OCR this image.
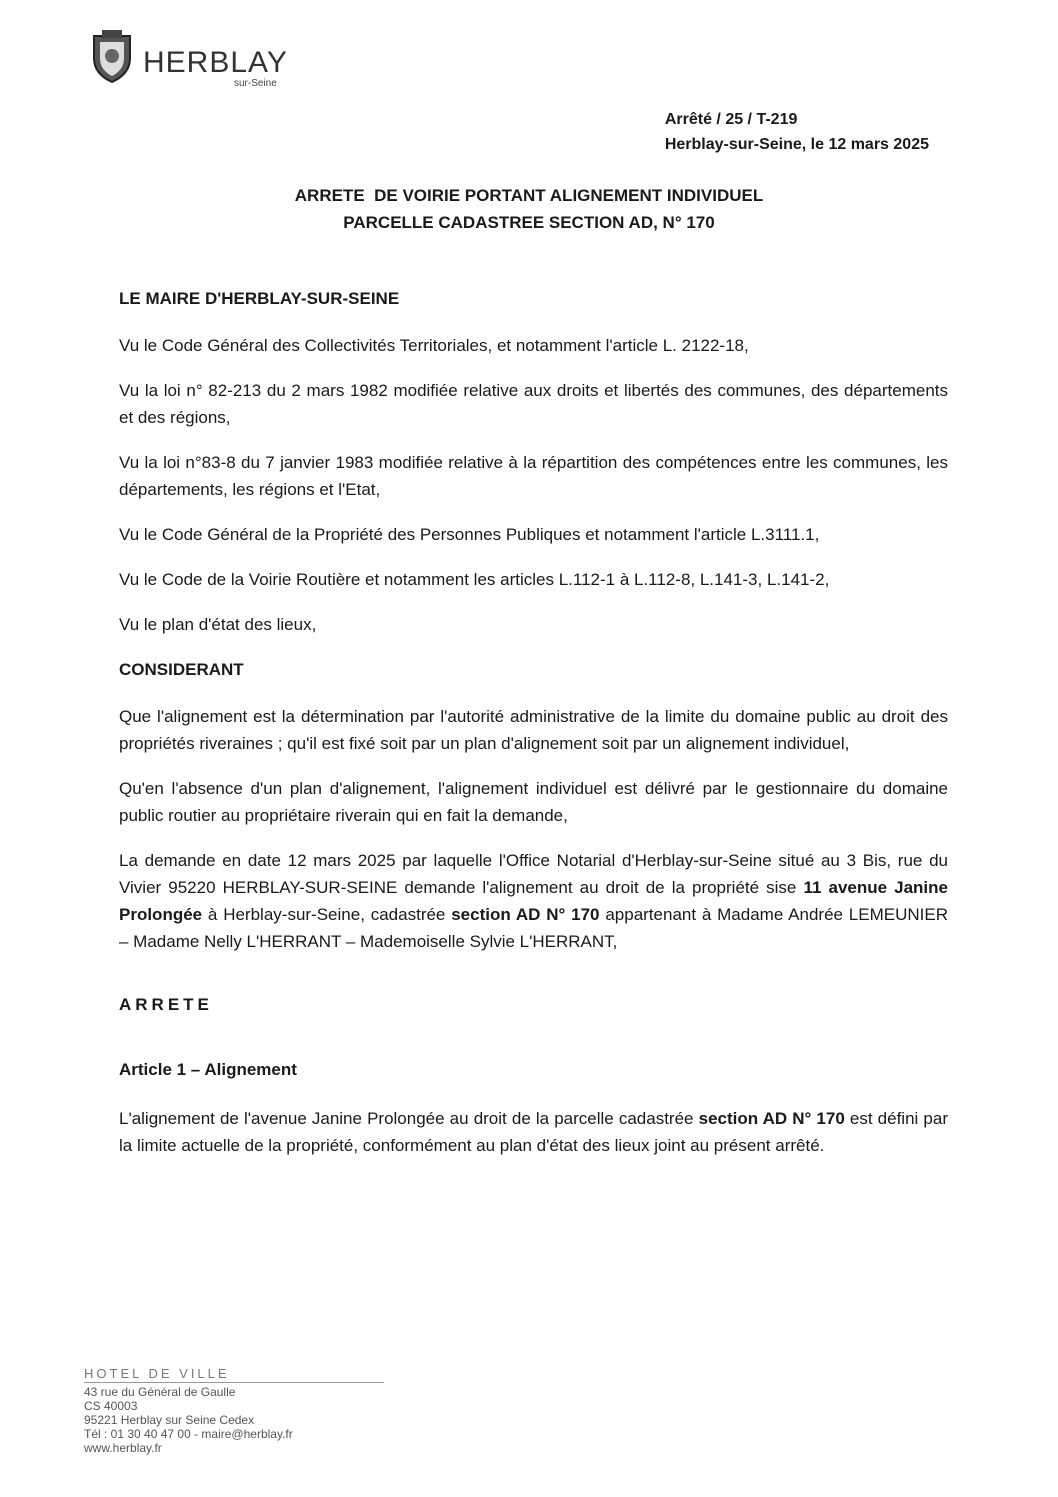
HERBLAY
sur-Seine
Arrêté / 25 / T-219
Herblay-sur-Seine, le 12 mars 2025
ARRETE  DE VOIRIE PORTANT ALIGNEMENT INDIVIDUEL
PARCELLE CADASTREE SECTION AD, N° 170
LE MAIRE D'HERBLAY-SUR-SEINE

Vu le Code Général des Collectivités Territoriales, et notamment l'article L. 2122-18,

Vu la loi n° 82-213 du 2 mars 1982 modifiée relative aux droits et libertés des communes, des départements et des régions,

Vu la loi n°83-8 du 7 janvier 1983 modifiée relative à la répartition des compétences entre les communes, les départements, les régions et l'Etat,

Vu le Code Général de la Propriété des Personnes Publiques et notamment l'article L.3111.1,

Vu le Code de la Voirie Routière et notamment les articles L.112-1 à L.112-8, L.141-3, L.141-2,

Vu le plan d'état des lieux,

CONSIDERANT

Que l'alignement est la détermination par l'autorité administrative de la limite du domaine public au droit des propriétés riveraines ; qu'il est fixé soit par un plan d'alignement soit par un alignement individuel,

Qu'en l'absence d'un plan d'alignement, l'alignement individuel est délivré par le gestionnaire du domaine public routier au propriétaire riverain qui en fait la demande,

La demande en date 12 mars 2025 par laquelle l'Office Notarial d'Herblay-sur-Seine situé au 3 Bis, rue du Vivier 95220 HERBLAY-SUR-SEINE demande l'alignement au droit de la propriété sise 11 avenue Janine Prolongée à Herblay-sur-Seine, cadastrée section AD N° 170 appartenant à Madame Andrée LEMEUNIER – Madame Nelly L'HERRANT – Mademoiselle Sylvie L'HERRANT,

ARRETE
Article 1 – Alignement

L'alignement de l'avenue Janine Prolongée au droit de la parcelle cadastrée section AD N° 170 est défini par la limite actuelle de la propriété, conformément au plan d'état des lieux joint au présent arrêté.

HOTEL DE VILLE
43 rue du Général de Gaulle
CS 40003
95221 Herblay sur Seine Cedex
Tél : 01 30 40 47 00 - maire@herblay.fr
www.herblay.fr
